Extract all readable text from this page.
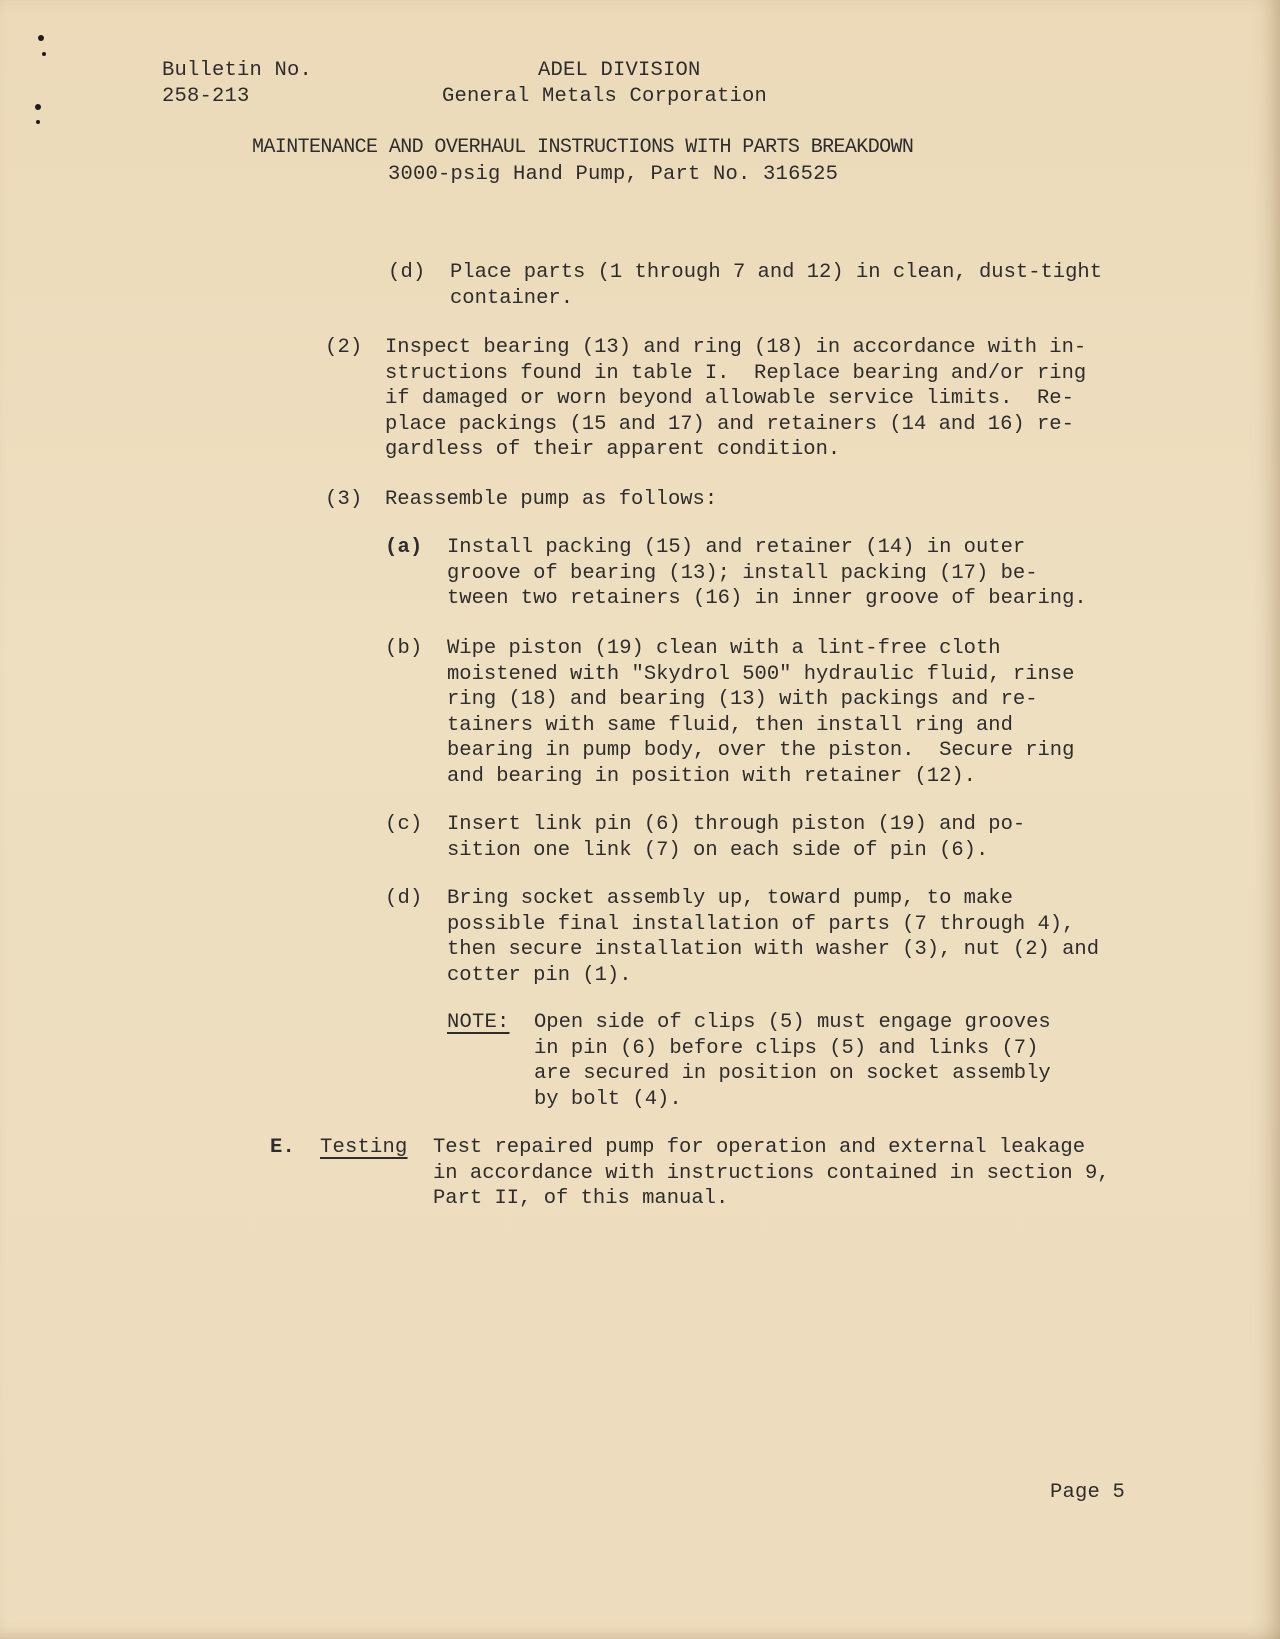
Bulletin No.
258-213
ADEL DIVISION
General Metals Corporation
MAINTENANCE AND OVERHAUL INSTRUCTIONS WITH PARTS BREAKDOWN
3000-psig Hand Pump, Part No. 316525
(d) Place parts (1 through 7 and 12) in clean, dust-tight
container.
(2) Inspect bearing (13) and ring (18) in accordance with in-
structions found in table I.  Replace bearing and/or ring
if damaged or worn beyond allowable service limits.  Re-
place packings (15 and 17) and retainers (14 and 16) re-
gardless of their apparent condition.
(3) Reassemble pump as follows:
(a) Install packing (15) and retainer (14) in outer
groove of bearing (13); install packing (17) be-
tween two retainers (16) in inner groove of bearing.
(b) Wipe piston (19) clean with a lint-free cloth
moistened with "Skydrol 500" hydraulic fluid, rinse
ring (18) and bearing (13) with packings and re-
tainers with same fluid, then install ring and
bearing in pump body, over the piston.  Secure ring
and bearing in position with retainer (12).
(c) Insert link pin (6) through piston (19) and po-
sition one link (7) on each side of pin (6).
(d) Bring socket assembly up, toward pump, to make
possible final installation of parts (7 through 4),
then secure installation with washer (3), nut (2) and
cotter pin (1).
NOTE: Open side of clips (5) must engage grooves
in pin (6) before clips (5) and links (7)
are secured in position on socket assembly
by bolt (4).
E. Testing Test repaired pump for operation and external leakage
in accordance with instructions contained in section 9,
Part II, of this manual.
Page 5
